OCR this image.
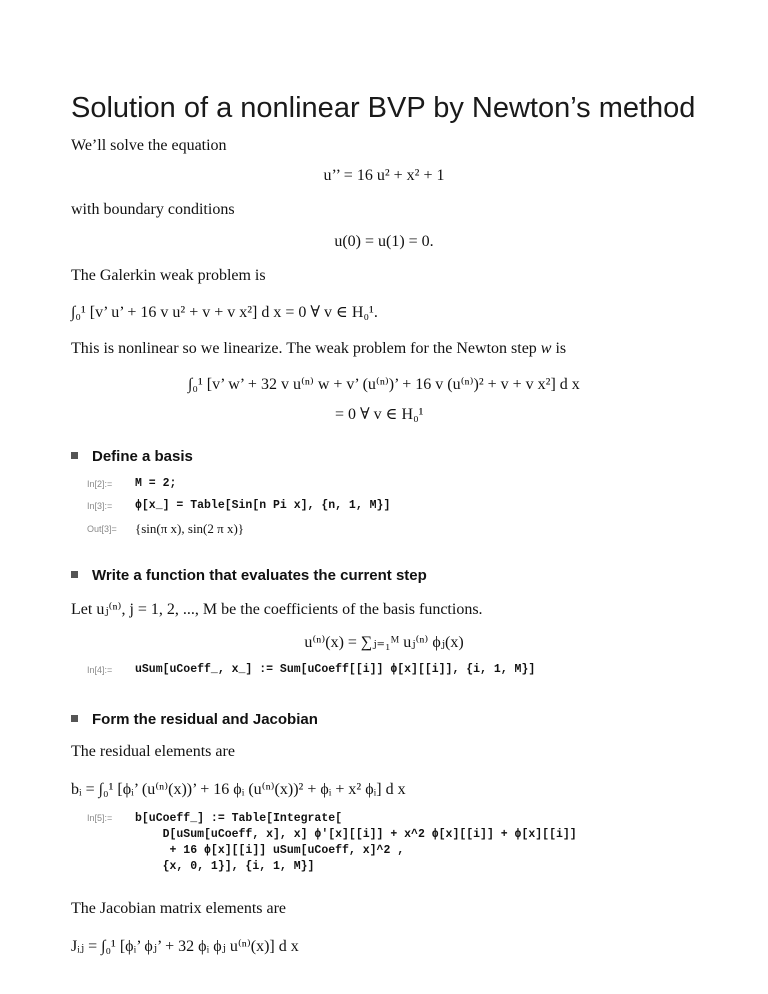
Solution of a nonlinear BVP by Newton’s method
We’ll solve the equation
u’’ = 16 u² + x² + 1
with boundary conditions
u(0) = u(1) = 0.
The Galerkin weak problem is
∫₀¹ [v’ u’ + 16 v u² + v + v x²] d x = 0 ∀ v ∈ H₀¹.
This is nonlinear so we linearize. The weak problem for the Newton step w is
∫₀¹ [v’ w’ + 32 v u⁽ⁿ⁾ w + v’ (u⁽ⁿ⁾)’ + 16 v (u⁽ⁿ⁾)² + v + v x²] d x
= 0 ∀ v ∈ H₀¹
Define a basis
In[2]:= M = 2;
In[3]:= ϕ[x_] = Table[Sin[n Pi x], {n, 1, M}]
Out[3]= {sin(π x), sin(2 π x)}
Write a function that evaluates the current step
Let uⱼ⁽ⁿ⁾, j = 1, 2, ..., M be the coefficients of the basis functions.
u⁽ⁿ⁾(x) = ∑ⱼ₌₁ᴹ uⱼ⁽ⁿ⁾ ϕⱼ(x)
In[4]:= uSum[uCoeff_, x_] := Sum[uCoeff[[i]] ϕ[x][[i]], {i, 1, M}]
Form the residual and Jacobian
The residual elements are
bᵢ = ∫₀¹ [ϕᵢ’ (u⁽ⁿ⁾(x))’ + 16 ϕᵢ (u⁽ⁿ⁾(x))² + ϕᵢ + x² ϕᵢ] d x
In[5]:= b[uCoeff_] := Table[Integrate[
D[uSum[uCoeff, x], x] ϕ'[x][[i]] + x^2 ϕ[x][[i]] + ϕ[x][[i]]
+ 16 ϕ[x][[i]] uSum[uCoeff, x]^2 ,
{x, 0, 1}], {i, 1, M}]
The Jacobian matrix elements are
Jᵢⱼ = ∫₀¹ [ϕᵢ’ ϕⱼ’ + 32 ϕᵢ ϕⱼ u⁽ⁿ⁾(x)] d x
